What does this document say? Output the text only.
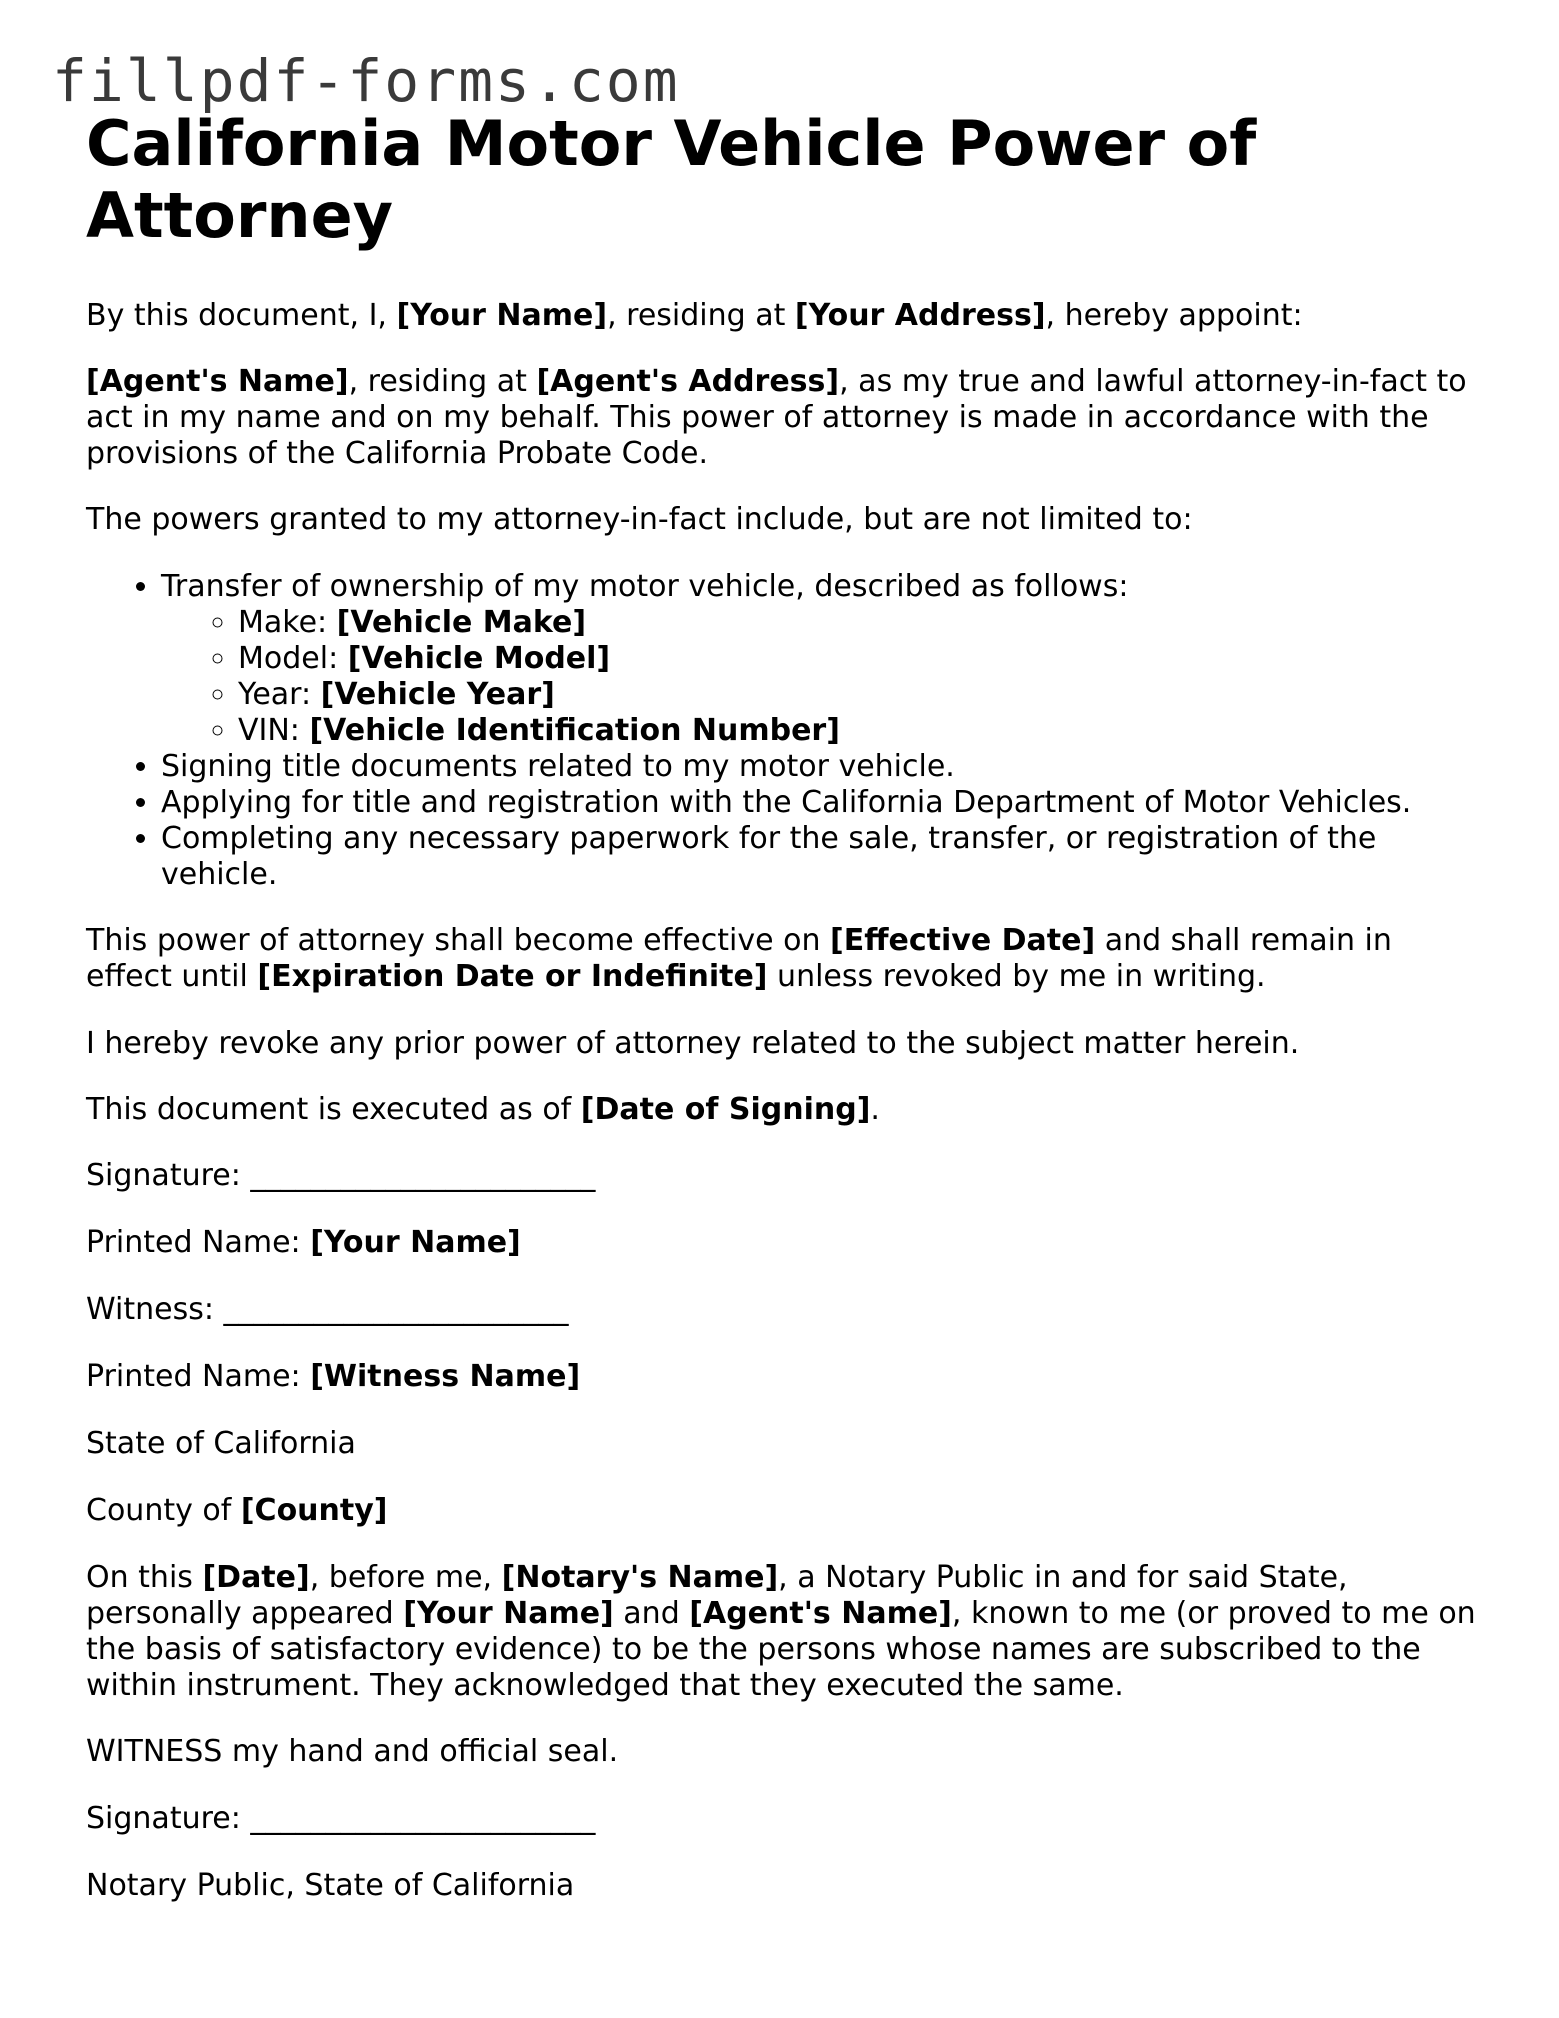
fillpdf-forms.com
California Motor Vehicle Power of Attorney

By this document, I, [Your Name], residing at [Your Address], hereby appoint:

[Agent's Name], residing at [Agent's Address], as my true and lawful attorney-in-fact to act in my name and on my behalf. This power of attorney is made in accordance with the provisions of the California Probate Code.

The powers granted to my attorney-in-fact include, but are not limited to:

• Transfer of ownership of my motor vehicle, described as follows:
◦ Make: [Vehicle Make]
◦ Model: [Vehicle Model]
◦ Year: [Vehicle Year]
◦ VIN: [Vehicle Identification Number]
• Signing title documents related to my motor vehicle.
• Applying for title and registration with the California Department of Motor Vehicles.
• Completing any necessary paperwork for the sale, transfer, or registration of the vehicle.

This power of attorney shall become effective on [Effective Date] and shall remain in effect until [Expiration Date or Indefinite] unless revoked by me in writing.

I hereby revoke any prior power of attorney related to the subject matter herein.

This document is executed as of [Date of Signing].

Signature: _______________________

Printed Name: [Your Name]

Witness: _______________________

Printed Name: [Witness Name]

State of California

County of [County]

On this [Date], before me, [Notary's Name], a Notary Public in and for said State, personally appeared [Your Name] and [Agent's Name], known to me (or proved to me on the basis of satisfactory evidence) to be the persons whose names are subscribed to the within instrument. They acknowledged that they executed the same.

WITNESS my hand and official seal.

Signature: _______________________

Notary Public, State of California
